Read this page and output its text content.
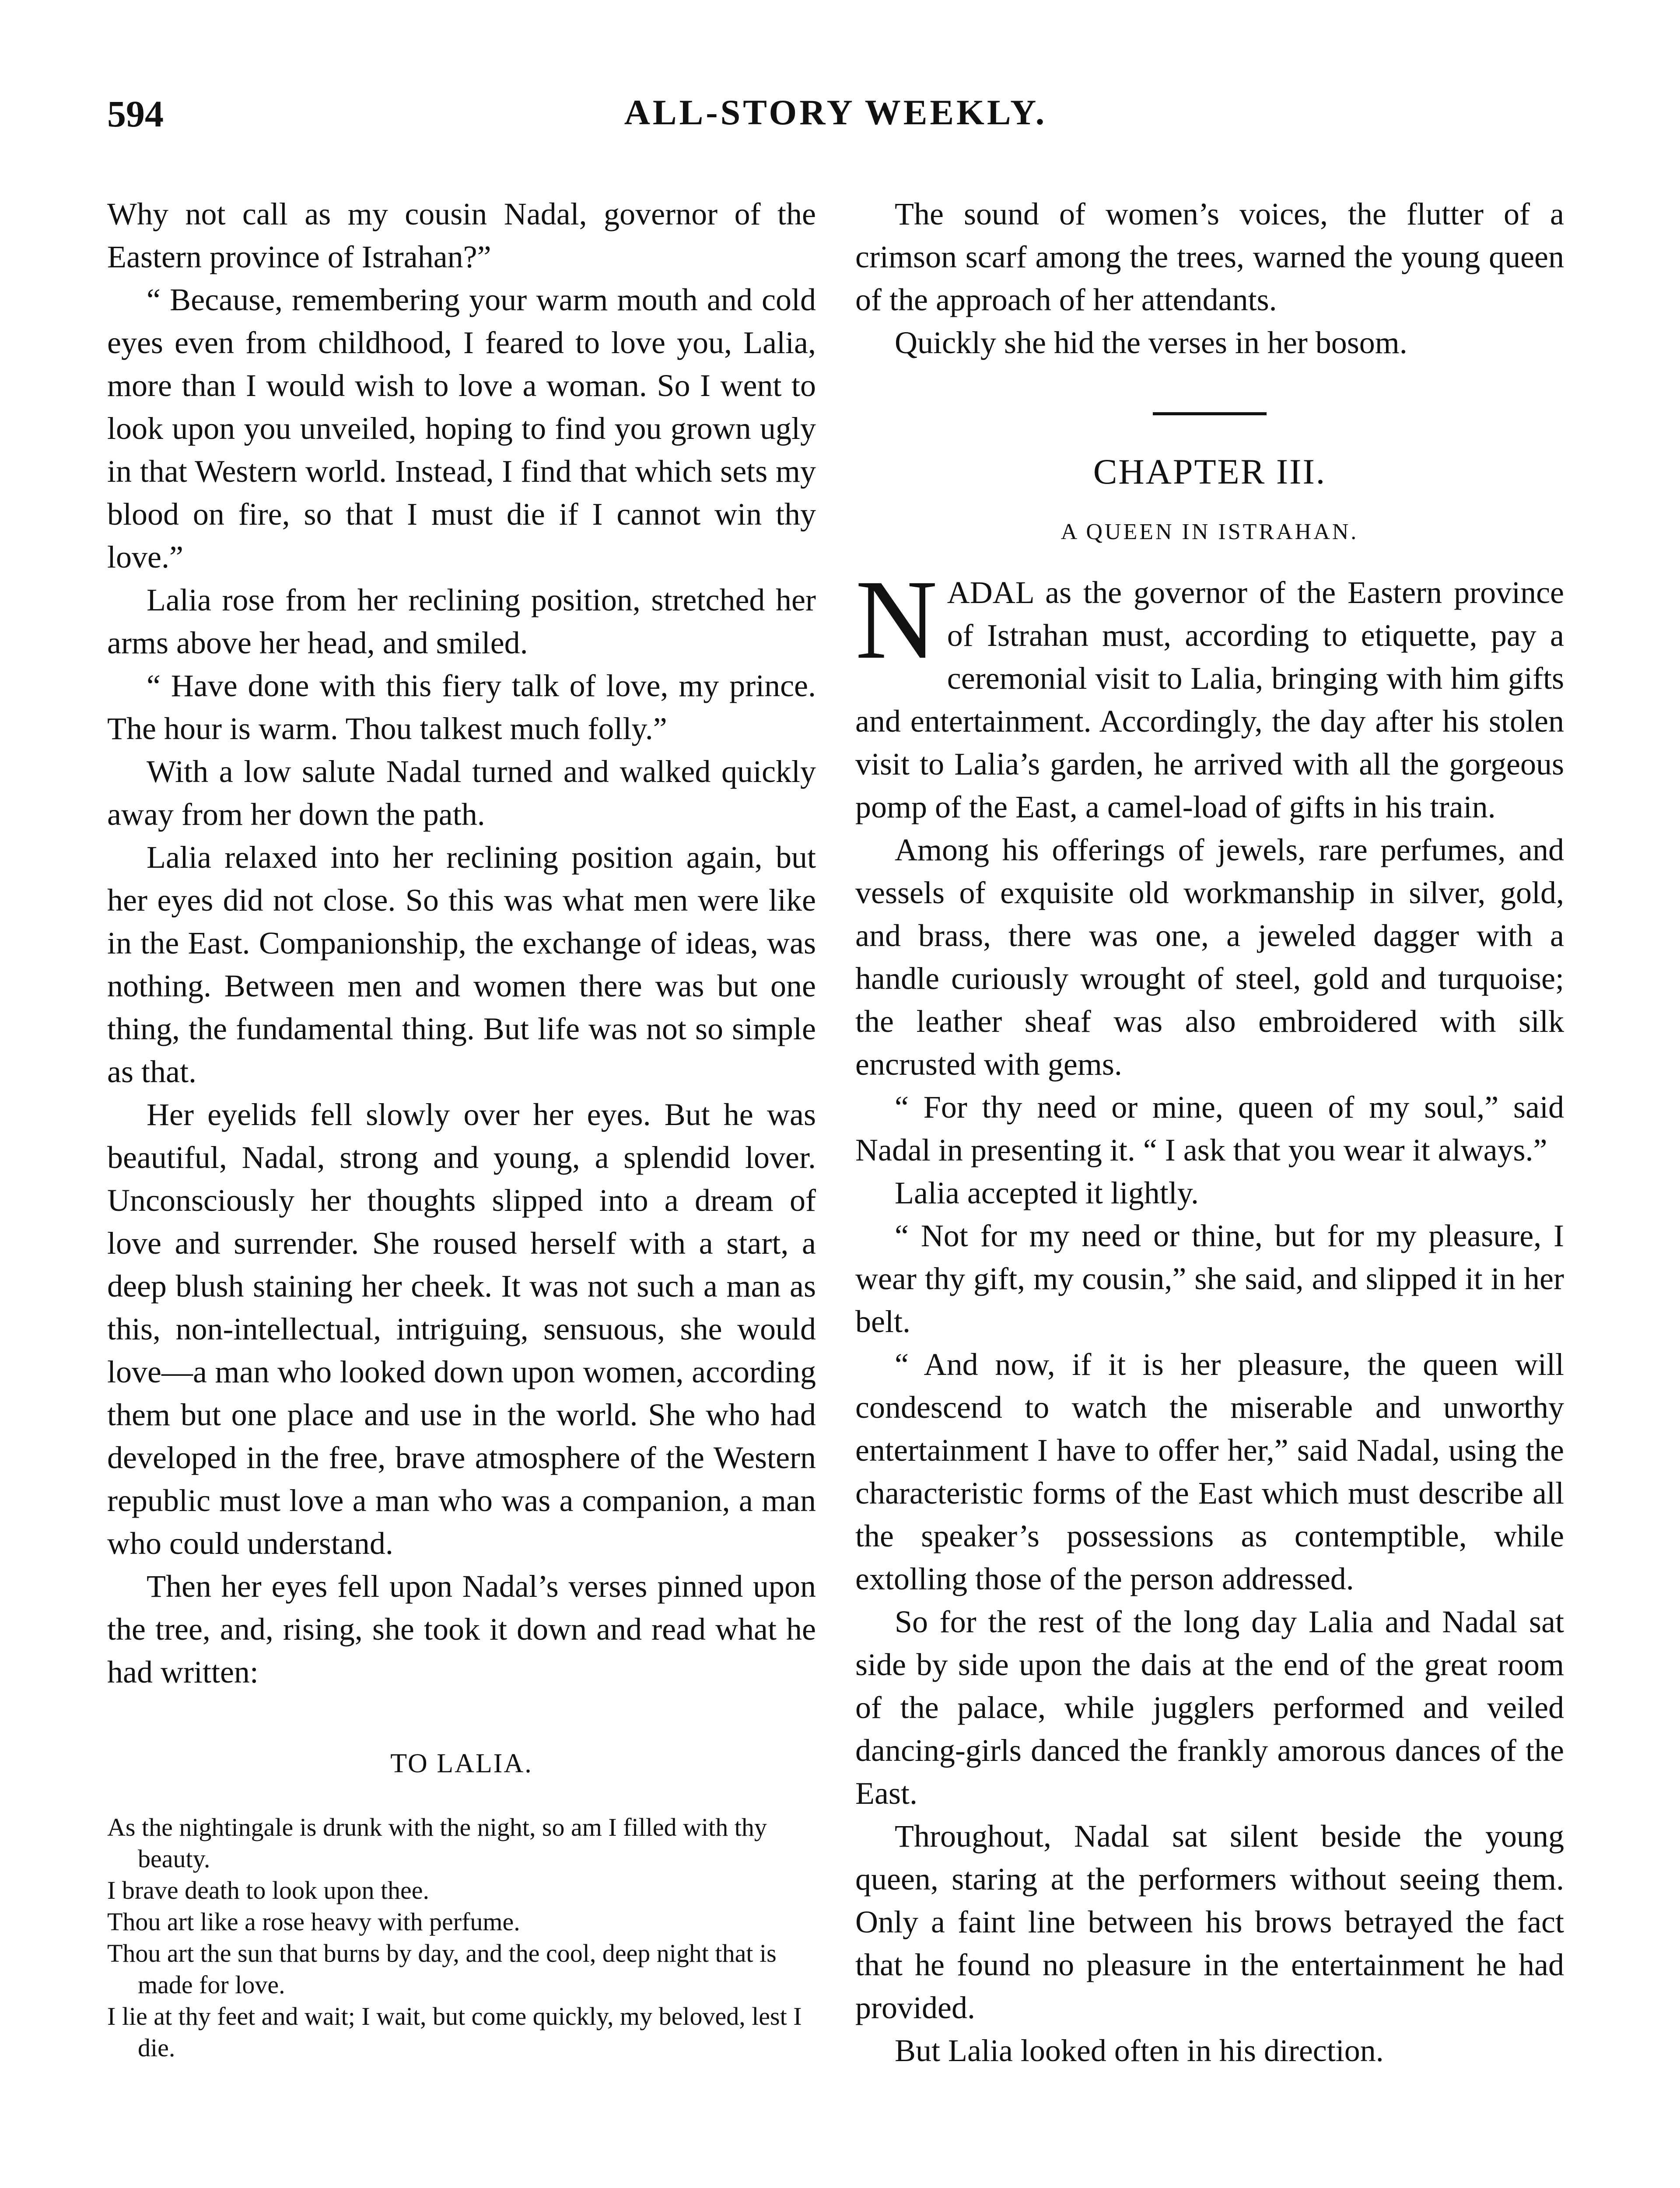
594	ALL-STORY WEEKLY.

Why not call as my cousin Nadal, governor of the Eastern province of Istrahan?”

“ Because, remembering your warm mouth and cold eyes even from childhood, I feared to love you, Lalia, more than I would wish to love a woman. So I went to look upon you unveiled, hoping to find you grown ugly in that Western world. Instead, I find that which sets my blood on fire, so that I must die if I cannot win thy love.”

Lalia rose from her reclining position, stretched her arms above her head, and smiled.

“ Have done with this fiery talk of love, my prince. The hour is warm. Thou talkest much folly.”

With a low salute Nadal turned and walked quickly away from her down the path.

Lalia relaxed into her reclining position again, but her eyes did not close. So this was what men were like in the East. Companionship, the exchange of ideas, was nothing. Between men and women there was but one thing, the fundamental thing. But life was not so simple as that.

Her eyelids fell slowly over her eyes. But he was beautiful, Nadal, strong and young, a splendid lover. Unconsciously her thoughts slipped into a dream of love and surrender. She roused herself with a start, a deep blush staining her cheek. It was not such a man as this, non-intellectual, intriguing, sensuous, she would love—a man who looked down upon women, according them but one place and use in the world. She who had developed in the free, brave atmosphere of the Western republic must love a man who was a companion, a man who could understand.

Then her eyes fell upon Nadal’s verses pinned upon the tree, and, rising, she took it down and read what he had written:

TO LALIA.
As the nightingale is drunk with the night, so am I filled with thy beauty.
I brave death to look upon thee.
Thou art like a rose heavy with perfume.
Thou art the sun that burns by day, and the cool, deep night that is made for love.
I lie at thy feet and wait; I wait, but come quickly, my beloved, lest I die.

The sound of women’s voices, the flutter of a crimson scarf among the trees, warned the young queen of the approach of her attendants.

Quickly she hid the verses in her bosom.

CHAPTER III.
A QUEEN IN ISTRAHAN.

NADAL as the governor of the Eastern province of Istrahan must, according to etiquette, pay a ceremonial visit to Lalia, bringing with him gifts and entertainment. Accordingly, the day after his stolen visit to Lalia’s garden, he arrived with all the gorgeous pomp of the East, a camel-load of gifts in his train.

Among his offerings of jewels, rare perfumes, and vessels of exquisite old workmanship in silver, gold, and brass, there was one, a jeweled dagger with a handle curiously wrought of steel, gold and turquoise; the leather sheaf was also embroidered with silk encrusted with gems.

“ For thy need or mine, queen of my soul,” said Nadal in presenting it. “ I ask that you wear it always.”

Lalia accepted it lightly.

“ Not for my need or thine, but for my pleasure, I wear thy gift, my cousin,” she said, and slipped it in her belt.

“ And now, if it is her pleasure, the queen will condescend to watch the miserable and unworthy entertainment I have to offer her,” said Nadal, using the characteristic forms of the East which must describe all the speaker’s possessions as contemptible, while extolling those of the person addressed.

So for the rest of the long day Lalia and Nadal sat side by side upon the dais at the end of the great room of the palace, while jugglers performed and veiled dancing-girls danced the frankly amorous dances of the East.

Throughout, Nadal sat silent beside the young queen, staring at the performers without seeing them. Only a faint line between his brows betrayed the fact that he found no pleasure in the entertainment he had provided.

But Lalia looked often in his direction.
